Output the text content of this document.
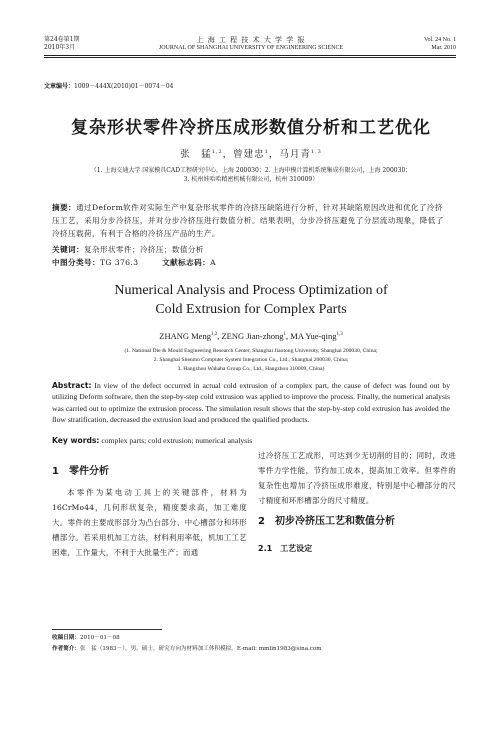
第24卷第1期
2010年3月
上 海 工 程 技 术 大 学 学 报
JOURNAL OF SHANGHAI UNIVERSITY OF ENGINEERING SCIENCE
Vol. 24 No. 1
Mar. 2010
文章编号：1009－444X(2010)01－0074－04
复杂形状零件冷挤压成形数值分析和工艺优化
张　猛$^{1,2}$，曾建忠$^1$，马月青$^{1,3}$
（1. 上海交通大学 国家模具CAD工程研究中心，上海 200030；2. 上海申模计算机系统集成有限公司，上海 200030；
3. 杭州娃哈哈精密机械有限公司，杭州 310009）
摘要：通过Deform软件对实际生产中复杂形状零件的冷挤压缺陷进行分析，针对其缺陷原因改进和优化了冷挤压工艺，采用分步冷挤压，并对分步冷挤压进行数值分析。结果表明，分步冷挤压避免了分层流动现象，降低了冷挤压载荷，有利于合格的冷挤压产品的生产。
关键词：复杂形状零件；冷挤压；数值分析
中图分类号：TG 376.3	文献标志码：A
Numerical Analysis and Process Optimization of
Cold Extrusion for Complex Parts
ZHANG Meng$^{1,2}$, ZENG Jian-zhong$^1$, MA Yue-qing$^{1,3}$
(1. National Die & Mould Engineering Research Center, Shanghai Jiaotong University, Shanghai 200030, China;
2. Shanghai Shenmo Computer System Integration Co., Ltd., Shanghai 200030, China;
3. Hangzhou Wahaha Group Co., Ltd., Hangzhou 310009, China)
Abstract: In view of the defect occurred in actual cold extrusion of a complex part, the cause of defect was found out by utilizing Deform software, then the step-by-step cold extrusion was applied to improve the process. Finally, the numerical analysis was carried out to optimize the extrusion process. The simulation result shows that the step-by-step cold extrusion has avoided the flow stratification, decreased the extrusion load and produced the qualified products.
Key words: complex parts; cold extrusion; numerical analysis
1　零件分析
本零件为某电动工具上的关键部件，材料为16CrMo44，几何形状复杂，精度要求高，加工难度大。零件的主要成形部分为凸台部分、中心槽部分和环形槽部分。若采用机加工方法，材料利用率低，机加工工艺困难，工作量大，不利于大批量生产；而通
过冷挤压工艺成形，可达到少无切削的目的；同时，改进零件力学性能，节约加工成本，提高加工效率。但零件的复杂性也增加了冷挤压成形难度，特别是中心槽部分的尺寸精度和环形槽部分的尺寸精度。
2　初步冷挤压工艺和数值分析
2.1　工艺设定
收稿日期：2010－01－08
作者简介：张　猛（1983－），男，硕士，研究方向为材料加工体积模拟。E-mail: mmlin1983@sina.com
